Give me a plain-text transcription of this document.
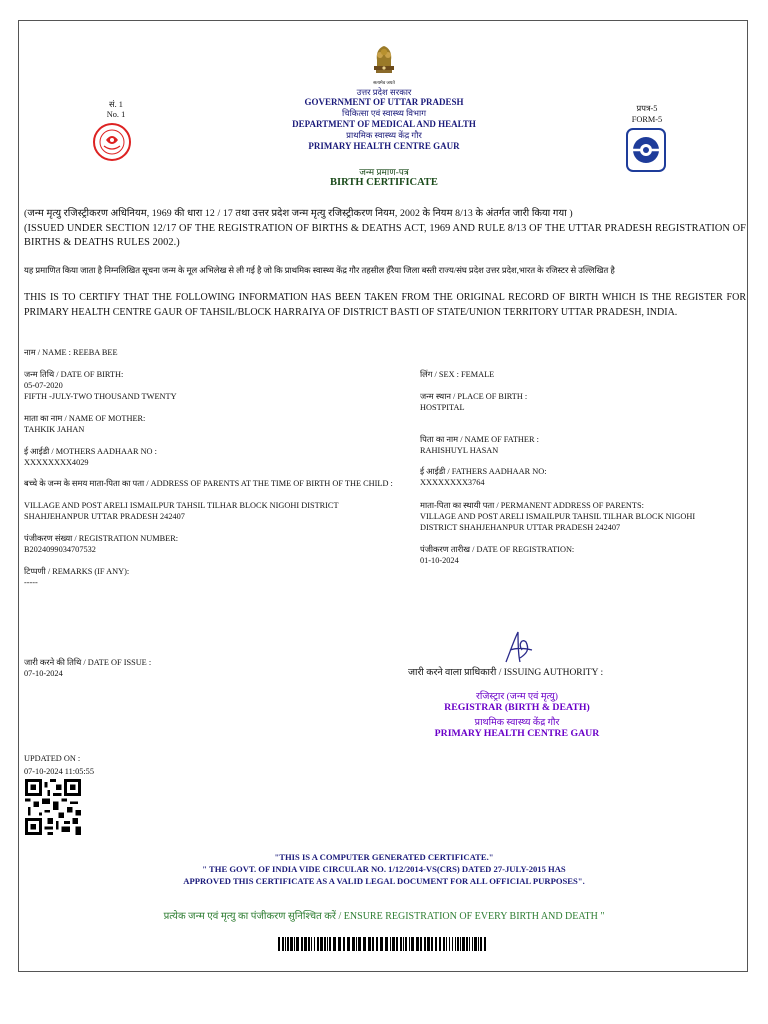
सत्यमेव जयते
सं. 1
No. 1
प्रपत्र-5
FORM-5
उत्तर प्रदेश सरकार
GOVERNMENT OF UTTAR PRADESH
चिकित्सा एवं स्वास्थ्य विभाग
DEPARTMENT OF MEDICAL AND HEALTH
प्राथमिक स्वास्थ्य केंद्र गौर
PRIMARY HEALTH CENTRE GAUR
जन्म प्रमाण-पत्र
BIRTH CERTIFICATE
(जन्म मृत्यु रजिस्ट्रीकरण अधिनियम, 1969 की धारा 12 / 17 तथा उत्तर प्रदेश जन्म मृत्यु रजिस्ट्रीकरण नियम, 2002 के नियम 8/13 के अंतर्गत जारी किया गया )
(ISSUED UNDER SECTION 12/17 OF THE REGISTRATION OF BIRTHS & DEATHS ACT, 1969 AND RULE 8/13 OF THE UTTAR PRADESH REGISTRATION OF BIRTHS & DEATHS RULES 2002.)
यह प्रमाणित किया जाता है निम्नलिखित सूचना जन्म के मूल अभिलेख से ली गई है जो कि प्राथमिक स्वास्थ्य केंद्र गौर तहसील हँरैया जिला बस्ती राज्य/संघ प्रदेश उत्तर प्रदेश,भारत के रजिस्टर से उल्लिखित है
THIS IS TO CERTIFY THAT THE FOLLOWING INFORMATION HAS BEEN TAKEN FROM THE ORIGINAL RECORD OF BIRTH WHICH IS THE REGISTER FOR PRIMARY HEALTH CENTRE GAUR OF TAHSIL/BLOCK HARRAIYA OF DISTRICT BASTI OF STATE/UNION TERRITORY UTTAR PRADESH, INDIA.
नाम / NAME : REEBA BEE
जन्म तिथि / DATE OF BIRTH:
05-07-2020
FIFTH -JULY-TWO THOUSAND TWENTY
माता का नाम / NAME OF MOTHER:
TAHKIK JAHAN
ई आईडी / MOTHERS AADHAAR NO :
XXXXXXXX4029
बच्चे के जन्म के समय माता-पिता का पता / ADDRESS OF PARENTS AT THE TIME OF BIRTH OF THE CHILD :
VILLAGE AND POST ARELI ISMAILPUR TAHSIL TILHAR BLOCK NIGOHI DISTRICT SHAHJEHANPUR UTTAR PRADESH 242407
पंजीकरण संख्या / REGISTRATION NUMBER:
B2024099034707532
टिप्पणी / REMARKS (IF ANY):
-----
लिंग / SEX : FEMALE
जन्म स्थान / PLACE OF BIRTH :
HOSTPITAL
पिता का नाम / NAME OF FATHER :
RAHISHUYL HASAN
ई आईडी / FATHERS AADHAAR NO:
XXXXXXXX3764
माता-पिता का स्थायी पता / PERMANENT ADDRESS OF PARENTS:
VILLAGE AND POST ARELI ISMAILPUR TAHSIL TILHAR BLOCK NIGOHI DISTRICT SHAHJEHANPUR UTTAR PRADESH 242407
पंजीकरण तारीख / DATE OF REGISTRATION:
01-10-2024
जारी करने की तिथि / DATE OF ISSUE :
07-10-2024	जारी करने वाला प्राधिकारी / ISSUING AUTHORITY :
रजिस्ट्रार (जन्म एवं मृत्यु)
REGISTRAR (BIRTH & DEATH)
प्राथमिक स्वास्थ्य केंद्र गौर
PRIMARY HEALTH CENTRE GAUR
UPDATED ON :
07-10-2024 11:05:55
"THIS IS A COMPUTER GENERATED CERTIFICATE."
" THE GOVT. OF INDIA VIDE CIRCULAR NO. 1/12/2014-VS(CRS) DATED 27-JULY-2015 HAS
APPROVED THIS CERTIFICATE AS A VALID LEGAL DOCUMENT FOR ALL OFFICIAL PURPOSES".
प्रत्येक जन्म एवं मृत्यु का पंजीकरण सुनिश्चित करें / ENSURE REGISTRATION OF EVERY BIRTH AND DEATH "
